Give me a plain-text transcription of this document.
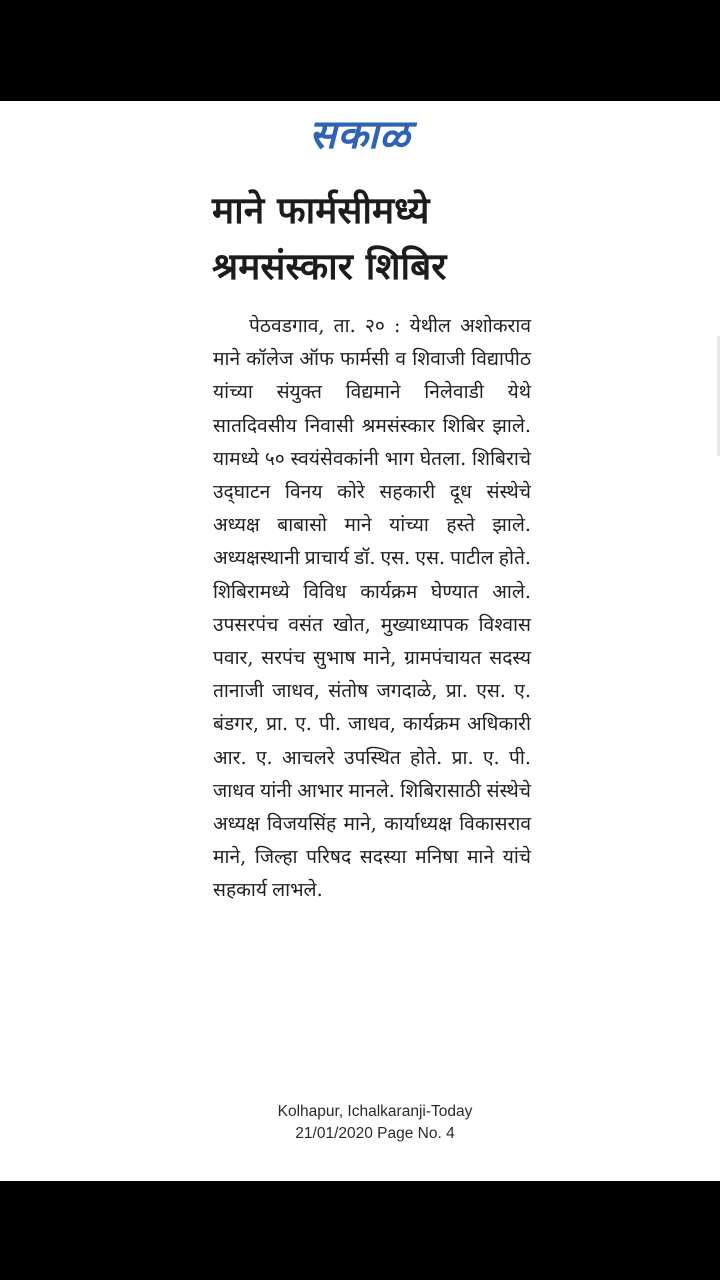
सकाळ
माने फार्मसीमध्ये
श्रमसंस्कार शिबिर
पेठवडगाव, ता. २० : येथील अशोकराव माने कॉलेज ऑफ फार्मसी व शिवाजी विद्यापीठ यांच्या संयुक्त विद्यमाने निलेवाडी येथे सातदिवसीय निवासी श्रमसंस्कार शिबिर झाले. यामध्ये ५० स्वयंसेवकांनी भाग घेतला. शिबिराचे उद्‌घाटन विनय कोरे सहकारी दूध संस्थेचे अध्यक्ष बाबासो माने यांच्या हस्ते झाले. अध्यक्षस्थानी प्राचार्य डॉ. एस. एस. पाटील होते. शिबिरामध्ये विविध कार्यक्रम घेण्यात आले. उपसरपंच वसंत खोत, मुख्याध्यापक विश्वास पवार, सरपंच सुभाष माने, ग्रामपंचायत सदस्य तानाजी जाधव, संतोष जगदाळे, प्रा. एस. ए. बंडगर, प्रा. ए. पी. जाधव, कार्यक्रम अधिकारी आर. ए. आचलरे उपस्थित होते. प्रा. ए. पी. जाधव यांनी आभार मानले. शिबिरासाठी संस्थेचे अध्यक्ष विजयसिंह माने, कार्याध्यक्ष विकासराव माने, जिल्हा परिषद सदस्या मनिषा माने यांचे सहकार्य लाभले.
Kolhapur, Ichalkaranji-Today
21/01/2020 Page No. 4
